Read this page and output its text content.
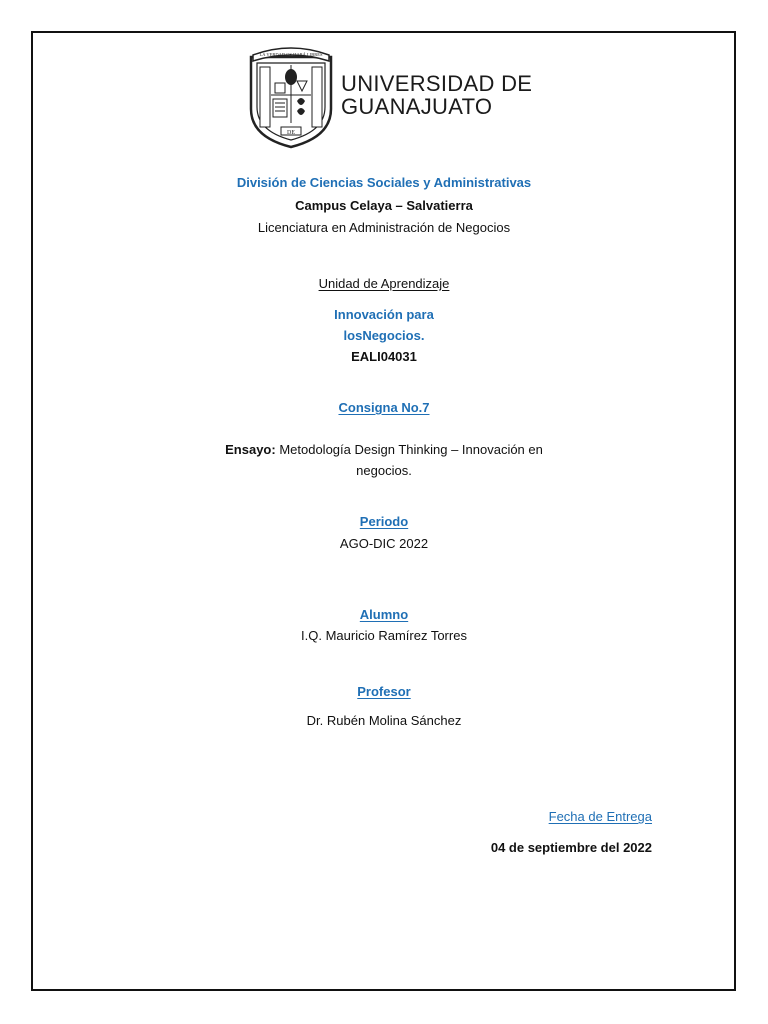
LA VERDAD OS HARÁ LIBRES
DE
UNIVERSIDAD DE
GUANAJUATO
División de Ciencias Sociales y Administrativas
Campus Celaya – Salvatierra
Licenciatura en Administración de Negocios
Unidad de Aprendizaje
Innovación para
losNegocios.
EALI04031
Consigna No.7
Ensayo: Metodología Design Thinking – Innovación en
negocios.
Periodo
AGO-DIC 2022
Alumno
I.Q. Mauricio Ramírez Torres
Profesor
Dr. Rubén Molina Sánchez
Fecha de Entrega
04 de septiembre del 2022
